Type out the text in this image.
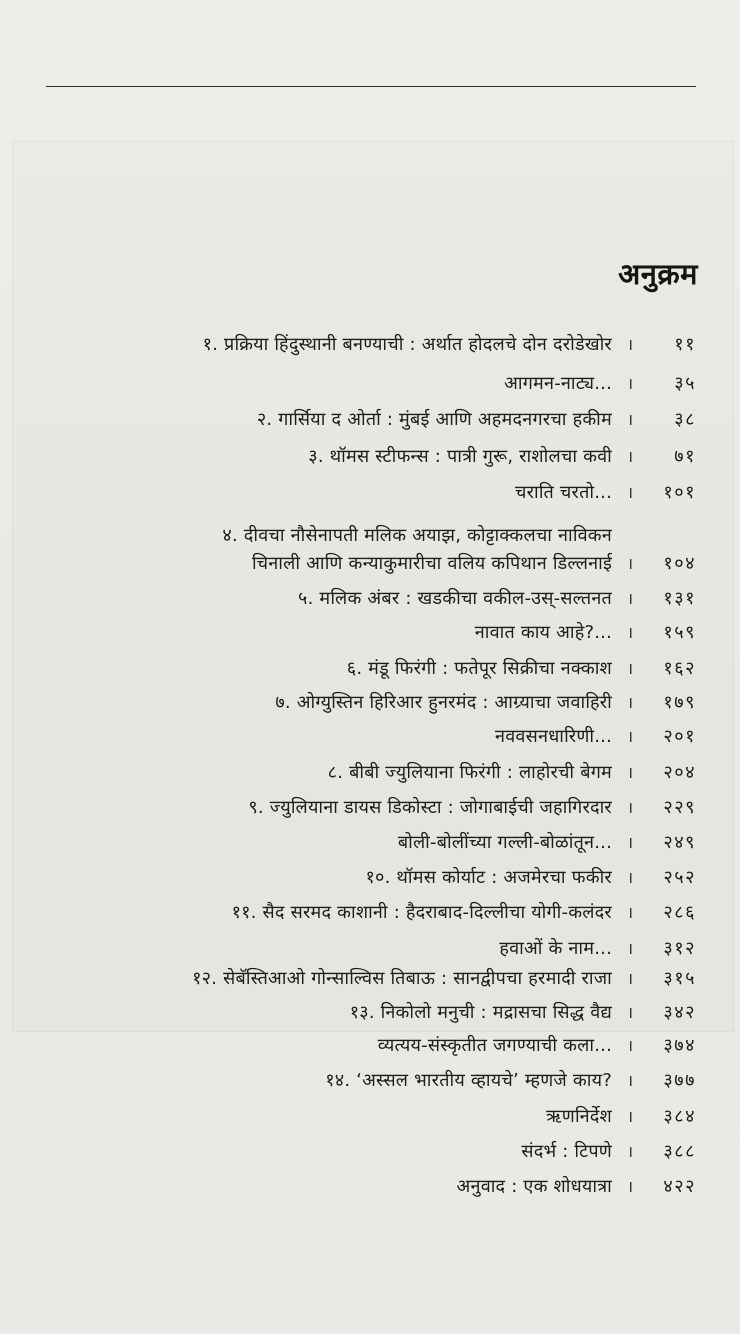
अनुक्रम
१. प्रक्रिया हिंदुस्थानी बनण्याची : अर्थात होदलचे दोन दरोडेखोर ।	११
आगमन-नाट्य... ।	३५
२. गार्सिया द ओर्ता : मुंबई आणि अहमदनगरचा हकीम ।	३८
३. थॉमस स्टीफन्स : पात्री गुरू, राशोलचा कवी ।	७१
चराति चरतो... ।	१०१
४. दीवचा नौसेनापती मलिक अयाझ, कोट्टाक्कलचा नाविकन
चिनाली आणि कन्याकुमारीचा वलिय कपिथान डिल्लनाई ।	१०४
५. मलिक अंबर : खडकीचा वकील-उस्-सल्तनत ।	१३१
नावात काय आहे?... ।	१५९
६. मंडू फिरंगी : फतेपूर सिक्रीचा नक्काश ।	१६२
७. ओग्युस्तिन हिरिआर हुनरमंद : आग्र्याचा जवाहिरी ।	१७९
नववसनधारिणी... ।	२०१
८. बीबी ज्युलियाना फिरंगी : लाहोरची बेगम ।	२०४
९. ज्युलियाना डायस डिकोस्टा : जोगाबाईची जहागिरदार ।	२२९
बोली-बोलींच्या गल्ली-बोळांतून... ।	२४९
१०. थॉमस कोर्याट : अजमेरचा फकीर ।	२५२
११. सैद सरमद काशानी : हैदराबाद-दिल्लीचा योगी-कलंदर ।	२८६
हवाओं के नाम... ।	३१२
१२. सेबॅस्तिआओ गोन्साल्विस तिबाऊ : सानद्वीपचा हरमादी राजा ।	३१५
१३. निकोलो मनुची : मद्रासचा सिद्ध वैद्य ।	३४२
व्यत्यय-संस्कृतीत जगण्याची कला... ।	३७४
१४. ‘अस्सल भारतीय व्हायचे’ म्हणजे काय? ।	३७७
ऋणनिर्देश ।	३८४
संदर्भ : टिपणे ।	३८८
अनुवाद : एक शोधयात्रा ।	४२२
